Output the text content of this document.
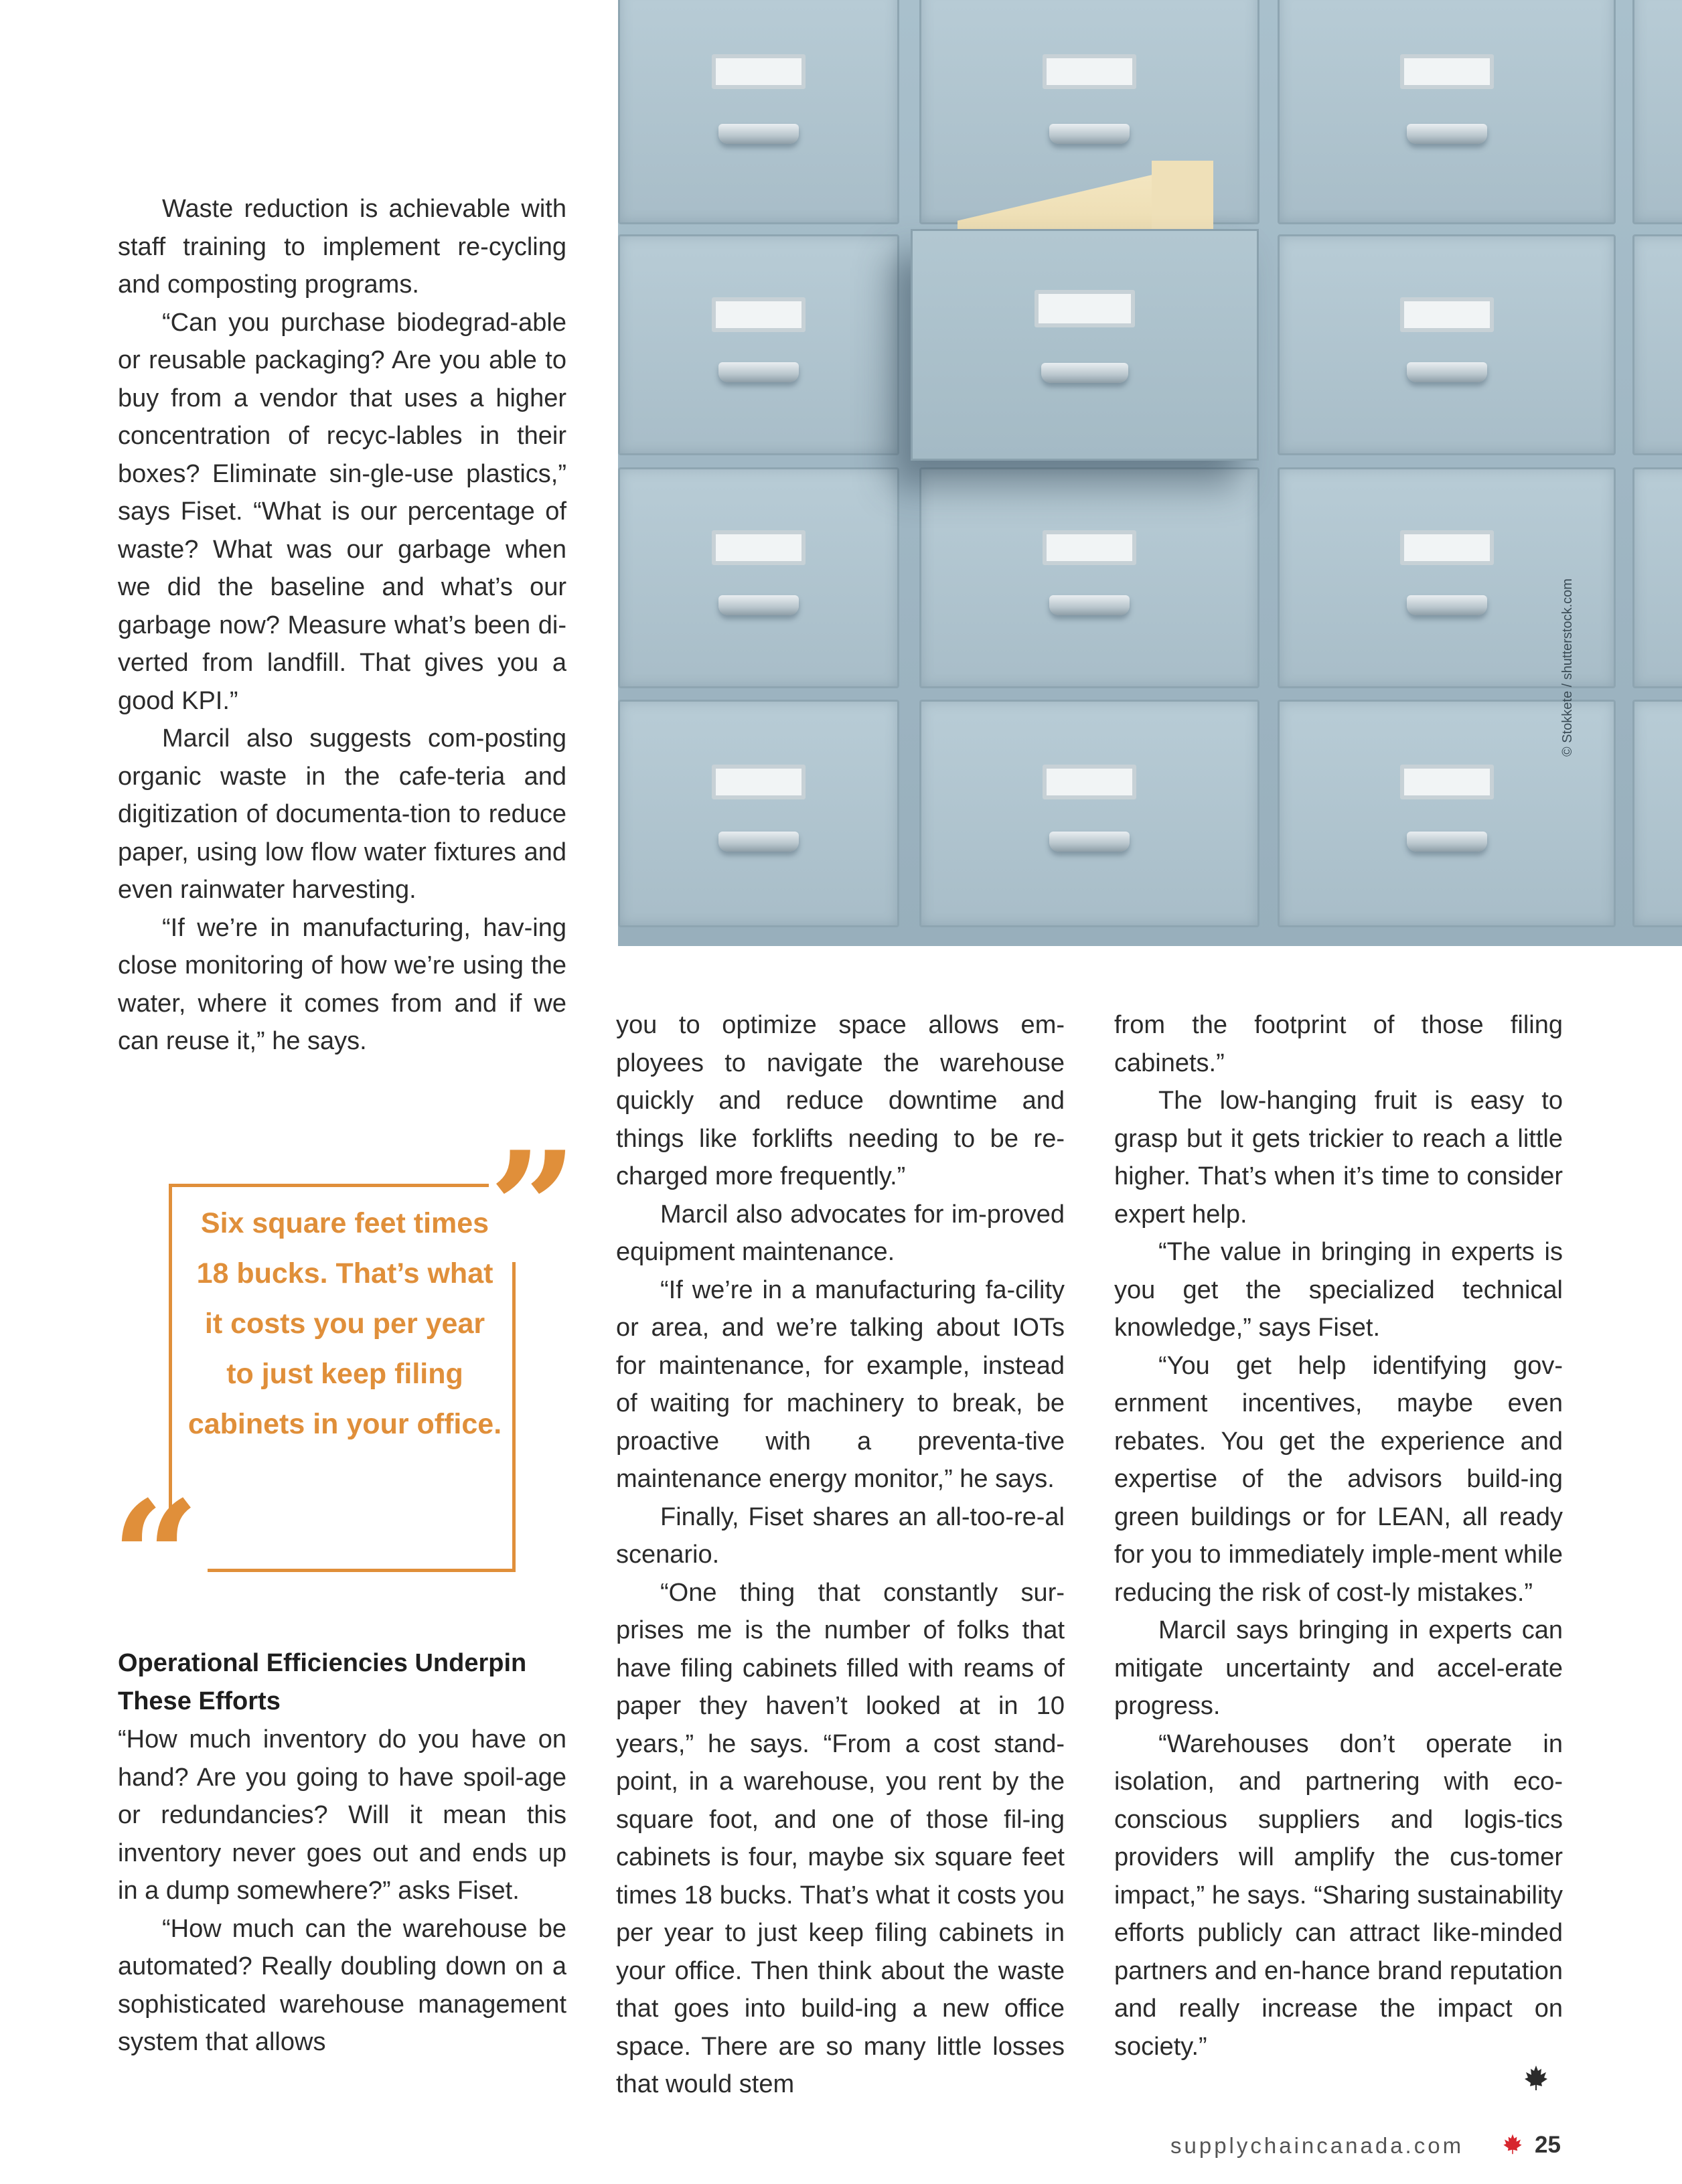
© Stokkete / shutterstock.com

Waste reduction is achievable with staff training to implement re-cycling and composting programs.

“Can you purchase biodegrad-able or reusable packaging? Are you able to buy from a vendor that uses a higher concentration of recyc-lables in their boxes? Eliminate sin-gle-use plastics,” says Fiset. “What is our percentage of waste? What was our garbage when we did the baseline and what’s our garbage now? Measure what’s been di-verted from landfill. That gives you a good KPI.”

Marcil also suggests com-posting organic waste in the cafe-teria and digitization of documenta-tion to reduce paper, using low flow water fixtures and even rainwater harvesting.

“If we’re in manufacturing, hav-ing close monitoring of how we’re using the water, where it comes from and if we can reuse it,” he says.

”
“
Six square feet times 18 bucks. That’s what it costs you per year to just keep filing cabinets in your office.
Operational Efficiencies Underpin These Efforts

“How much inventory do you have on hand? Are you going to have spoil-age or redundancies? Will it mean this inventory never goes out and ends up in a dump somewhere?” asks Fiset.

“How much can the warehouse be automated? Really doubling down on a sophisticated warehouse management system that allows

you to optimize space allows em-ployees to navigate the warehouse quickly and reduce downtime and things like forklifts needing to be re-charged more frequently.”

Marcil also advocates for im-proved equipment maintenance.

“If we’re in a manufacturing fa-cility or area, and we’re talking about IOTs for maintenance, for example, instead of waiting for machinery to break, be proactive with a preventa-tive maintenance energy monitor,” he says.

Finally, Fiset shares an all-too-re-al scenario.

“One thing that constantly sur-prises me is the number of folks that have filing cabinets filled with reams of paper they haven’t looked at in 10 years,” he says. “From a cost stand-point, in a warehouse, you rent by the square foot, and one of those fil-ing cabinets is four, maybe six square feet times 18 bucks. That’s what it costs you per year to just keep filing cabinets in your office. Then think about the waste that goes into build-ing a new office space. There are so many little losses that would stem

from the footprint of those filing cabinets.”

The low-hanging fruit is easy to grasp but it gets trickier to reach a little higher. That’s when it’s time to consider expert help.

“The value in bringing in experts is you get the specialized technical knowledge,” says Fiset.

“You get help identifying gov-ernment incentives, maybe even rebates. You get the experience and expertise of the advisors build-ing green buildings or for LEAN, all ready for you to immediately imple-ment while reducing the risk of cost-ly mistakes.”

Marcil says bringing in experts can mitigate uncertainty and accel-erate progress.

“Warehouses don’t operate in isolation, and partnering with eco-conscious suppliers and logis-tics providers will amplify the cus-tomer impact,” he says. “Sharing sustainability efforts publicly can attract like-minded partners and en-hance brand reputation and really increase the impact on society.”

supplychaincanada.com	25
